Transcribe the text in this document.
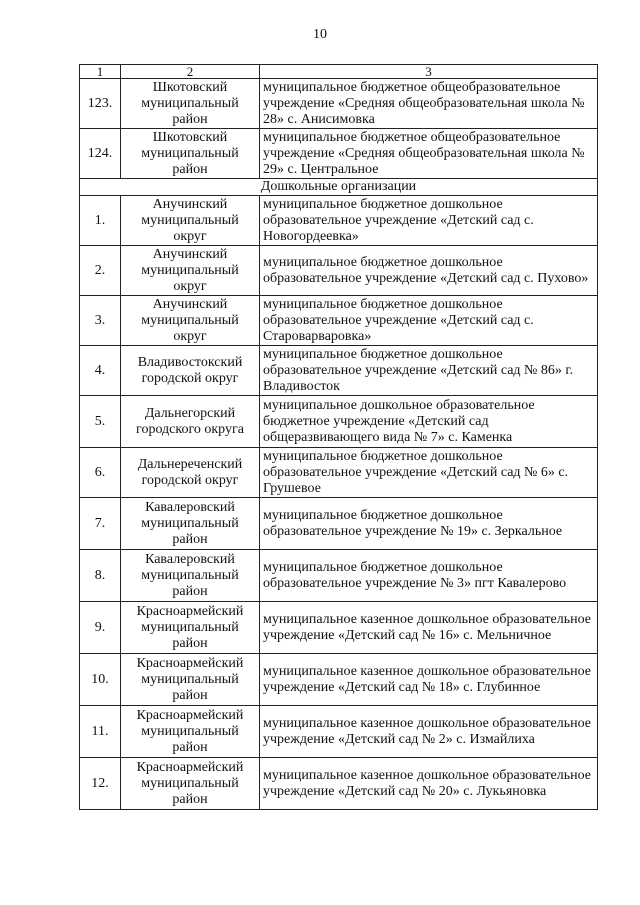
10
1	2	3
123.	Шкотовский муниципальный район	муниципальное бюджетное общеобразовательное учреждение «Средняя общеобразовательная школа № 28» с. Анисимовка
124.	Шкотовский муниципальный район	муниципальное бюджетное общеобразовательное учреждение «Средняя общеобразовательная школа № 29» с. Центральное
Дошкольные организации		
1.	Анучинский муниципальный округ	муниципальное бюджетное дошкольное образовательное учреждение «Детский сад с. Новогордеевка»
2.	Анучинский муниципальный округ	муниципальное бюджетное дошкольное образовательное учреждение «Детский сад с. Пухово»
3.	Анучинский муниципальный округ	муниципальное бюджетное дошкольное образовательное учреждение «Детский сад с. Староварваровка»
4.	Владивостокский городской округ	муниципальное бюджетное дошкольное образовательное учреждение «Детский сад № 86» г. Владивосток
5.	Дальнегорский городского округа	муниципальное дошкольное образовательное бюджетное учреждение «Детский сад общеразвивающего вида № 7» с. Каменка
6.	Дальнереченский городской округ	муниципальное бюджетное дошкольное образовательное учреждение «Детский сад № 6» с. Грушевое
7.	Кавалеровский муниципальный район	муниципальное бюджетное дошкольное образовательное учреждение № 19» с. Зеркальное
8.	Кавалеровский муниципальный район	муниципальное бюджетное дошкольное образовательное учреждение № 3» пгт Кавалерово
9.	Красноармейский муниципальный район	муниципальное казенное дошкольное образовательное учреждение «Детский сад № 16» с. Мельничное
10.	Красноармейский муниципальный район	муниципальное казенное дошкольное образовательное учреждение «Детский сад № 18» с. Глубинное
11.	Красноармейский муниципальный район	муниципальное казенное дошкольное образовательное учреждение «Детский сад № 2» с. Измайлиха
12.	Красноармейский муниципальный район	муниципальное казенное дошкольное образовательное учреждение «Детский сад № 20» с. Лукьяновка
